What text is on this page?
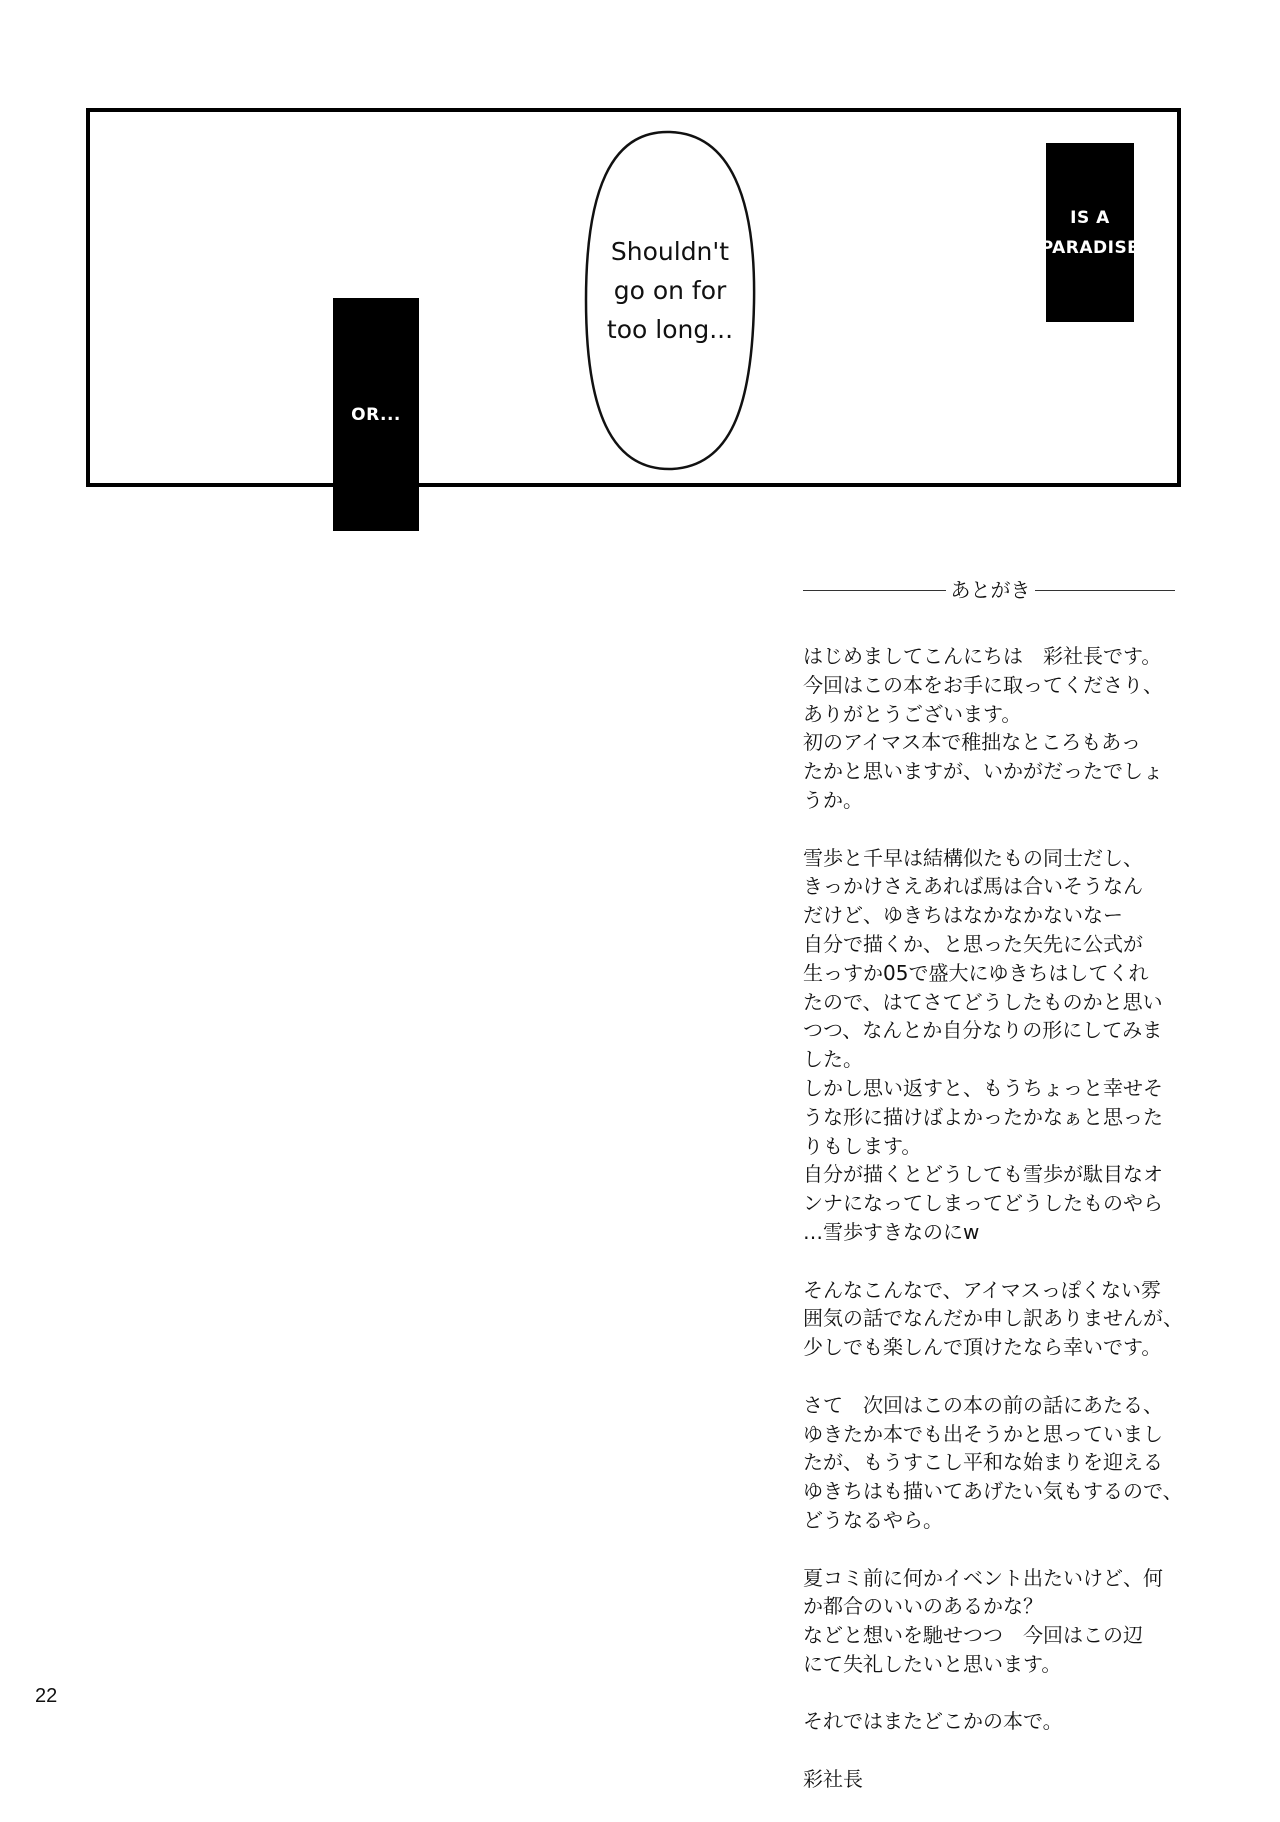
Shouldn't
go on for
too long...
IS A
PARADISE
OR...
あとがき
はじめましてこんにちは　彩社長です。
今回はこの本をお手に取ってくださり、
ありがとうございます。
初のアイマス本で稚拙なところもあっ
たかと思いますが、いかがだったでしょ
うか。

雪歩と千早は結構似たもの同士だし、
きっかけさえあれば馬は合いそうなん
だけど、ゆきちはなかなかないなー
自分で描くか、と思った矢先に公式が
生っすか05で盛大にゆきちはしてくれ
たので、はてさてどうしたものかと思い
つつ、なんとか自分なりの形にしてみま
した。
しかし思い返すと、もうちょっと幸せそ
うな形に描けばよかったかなぁと思った
りもします。
自分が描くとどうしても雪歩が駄目なオ
ンナになってしまってどうしたものやら
…雪歩すきなのにw

そんなこんなで、アイマスっぽくない雰
囲気の話でなんだか申し訳ありませんが、
少しでも楽しんで頂けたなら幸いです。

さて　次回はこの本の前の話にあたる、
ゆきたか本でも出そうかと思っていまし
たが、もうすこし平和な始まりを迎える
ゆきちはも描いてあげたい気もするので、
どうなるやら。

夏コミ前に何かイベント出たいけど、何
か都合のいいのあるかな？
などと想いを馳せつつ　今回はこの辺
にて失礼したいと思います。

それではまたどこかの本で。

彩社長
22
